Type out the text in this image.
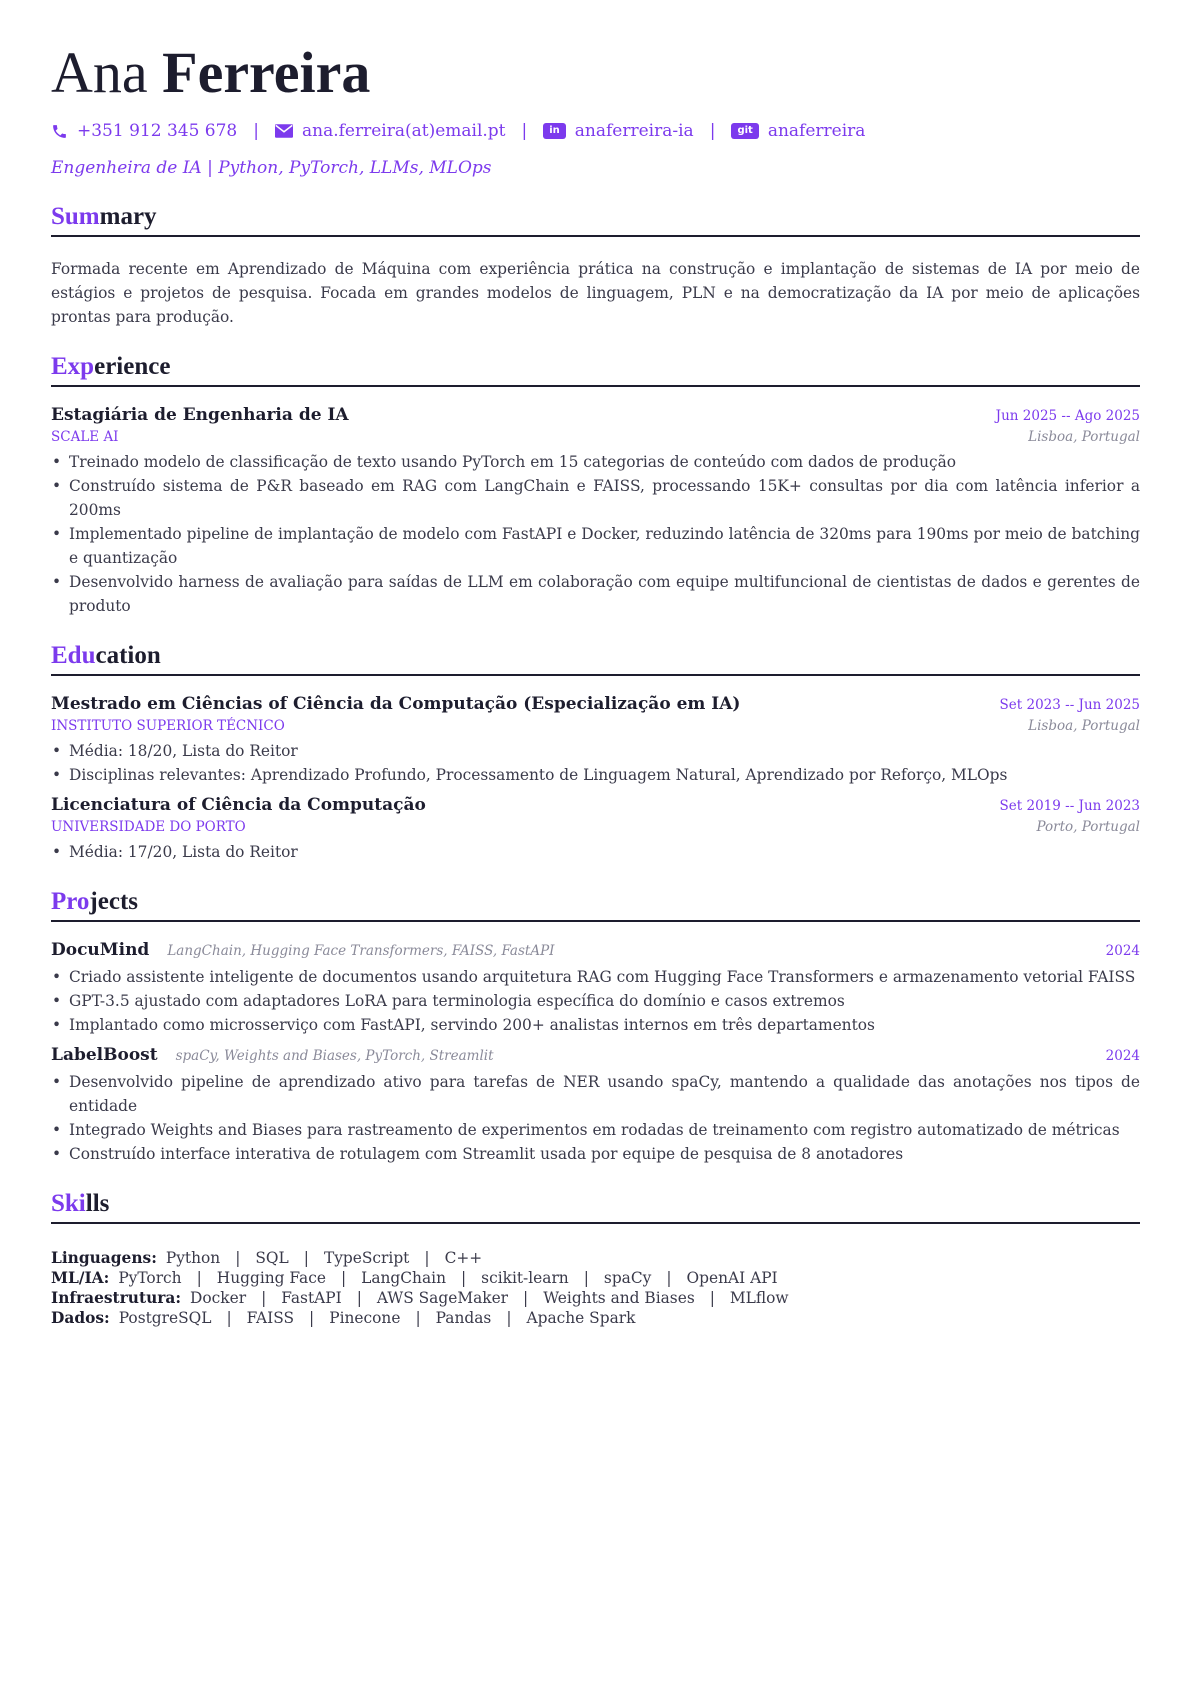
Ana Ferreira
+351 912 345 678 |	ana.ferreira(at)email.pt |	in anaferreira-ia |	git anaferreira
Engenheira de IA | Python, PyTorch, LLMs, MLOps
Summary
Formada recente em Aprendizado de Máquina com experiência prática na construção e implantação de sistemas de IA por meio de estágios e projetos de pesquisa. Focada em grandes modelos de linguagem, PLN e na democratização da IA por meio de aplicações prontas para produção.
Experience
Estagiária de Engenharia de IA	Jun 2025 -- Ago 2025
SCALE AI	Lisboa, Portugal
• Treinado modelo de classificação de texto usando PyTorch em 15 categorias de conteúdo com dados de produção
• Construído sistema de P&R baseado em RAG com LangChain e FAISS, processando 15K+ consultas por dia com latência inferior a 200ms
• Implementado pipeline de implantação de modelo com FastAPI e Docker, reduzindo latência de 320ms para 190ms por meio de batching e quantização
• Desenvolvido harness de avaliação para saídas de LLM em colaboração com equipe multifuncional de cientistas de dados e gerentes de produto
Education
Mestrado em Ciências of Ciência da Computação (Especialização em IA)	Set 2023 -- Jun 2025
INSTITUTO SUPERIOR TÉCNICO	Lisboa, Portugal
• Média: 18/20, Lista do Reitor
• Disciplinas relevantes: Aprendizado Profundo, Processamento de Linguagem Natural, Aprendizado por Reforço, MLOps
Licenciatura of Ciência da Computação	Set 2019 -- Jun 2023
UNIVERSIDADE DO PORTO	Porto, Portugal
• Média: 17/20, Lista do Reitor
Projects
DocuMind LangChain, Hugging Face Transformers, FAISS, FastAPI	2024
• Criado assistente inteligente de documentos usando arquitetura RAG com Hugging Face Transformers e armazenamento vetorial FAISS
• GPT-3.5 ajustado com adaptadores LoRA para terminologia específica do domínio e casos extremos
• Implantado como microsserviço com FastAPI, servindo 200+ analistas internos em três departamentos
LabelBoost spaCy, Weights and Biases, PyTorch, Streamlit	2024
• Desenvolvido pipeline de aprendizado ativo para tarefas de NER usando spaCy, mantendo a qualidade das anotações nos tipos de entidade
• Integrado Weights and Biases para rastreamento de experimentos em rodadas de treinamento com registro automatizado de métricas
• Construído interface interativa de rotulagem com Streamlit usada por equipe de pesquisa de 8 anotadores
Skills
Linguagens: Python | SQL | TypeScript | C++
ML/IA: PyTorch | Hugging Face | LangChain | scikit-learn | spaCy | OpenAI API
Infraestrutura: Docker | FastAPI | AWS SageMaker | Weights and Biases | MLflow
Dados: PostgreSQL | FAISS | Pinecone | Pandas | Apache Spark
